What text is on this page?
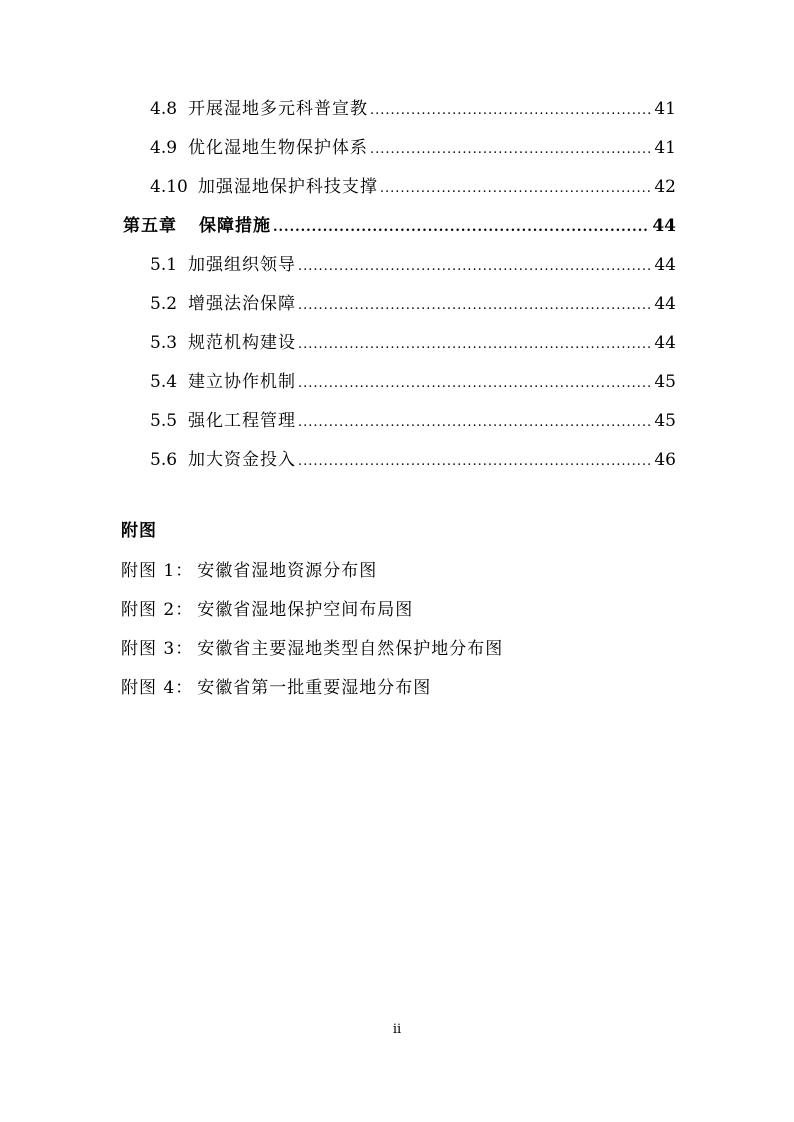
4.8 开展湿地多元科普宣教 .....	41
4.9 优化湿地生物保护体系 .....	41
4.10 加强湿地保护科技支撑 .....	42
第五章 保障措施 .....	44
5.1 加强组织领导 .....	44
5.2 增强法治保障 .....	44
5.3 规范机构建设 .....	44
5.4 建立协作机制 .....	45
5.5 强化工程管理 .....	45
5.6 加大资金投入 .....	46
附图
附图 1： 安徽省湿地资源分布图
附图 2： 安徽省湿地保护空间布局图
附图 3： 安徽省主要湿地类型自然保护地分布图
附图 4： 安徽省第一批重要湿地分布图
ii
